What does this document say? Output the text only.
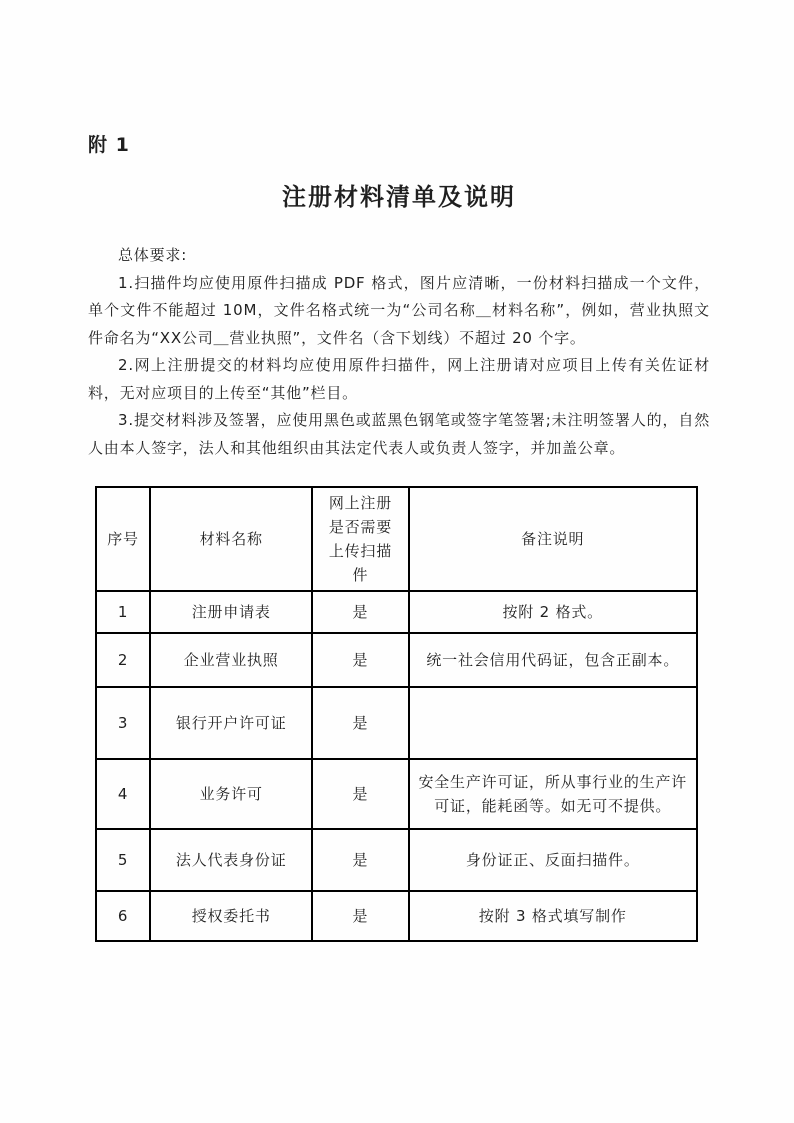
附 1
注册材料清单及说明

总体要求:

1.扫描件均应使用原件扫描成 PDF 格式，图片应清晰，一份材料扫描成一个文件，单个文件不能超过 10M，文件名格式统一为“公司名称＿材料名称”，例如，营业执照文件命名为“XX公司＿营业执照”，文件名（含下划线）不超过 20 个字。

2.网上注册提交的材料均应使用原件扫描件，网上注册请对应项目上传有关佐证材料，无对应项目的上传至“其他”栏目。

3.提交材料涉及签署，应使用黑色或蓝黑色钢笔或签字笔签署;未注明签署人的，自然人由本人签字，法人和其他组织由其法定代表人或负责人签字，并加盖公章。

序号	材料名称	网上注册是否需要上传扫描件	备注说明
1	注册申请表	是	按附 2 格式。
2	企业营业执照	是	统一社会信用代码证，包含正副本。
3	银行开户许可证	是	
4	业务许可	是	安全生产许可证，所从事行业的生产许可证，能耗函等。如无可不提供。
5	法人代表身份证	是	身份证正、反面扫描件。
6	授权委托书	是	按附 3 格式填写制作
